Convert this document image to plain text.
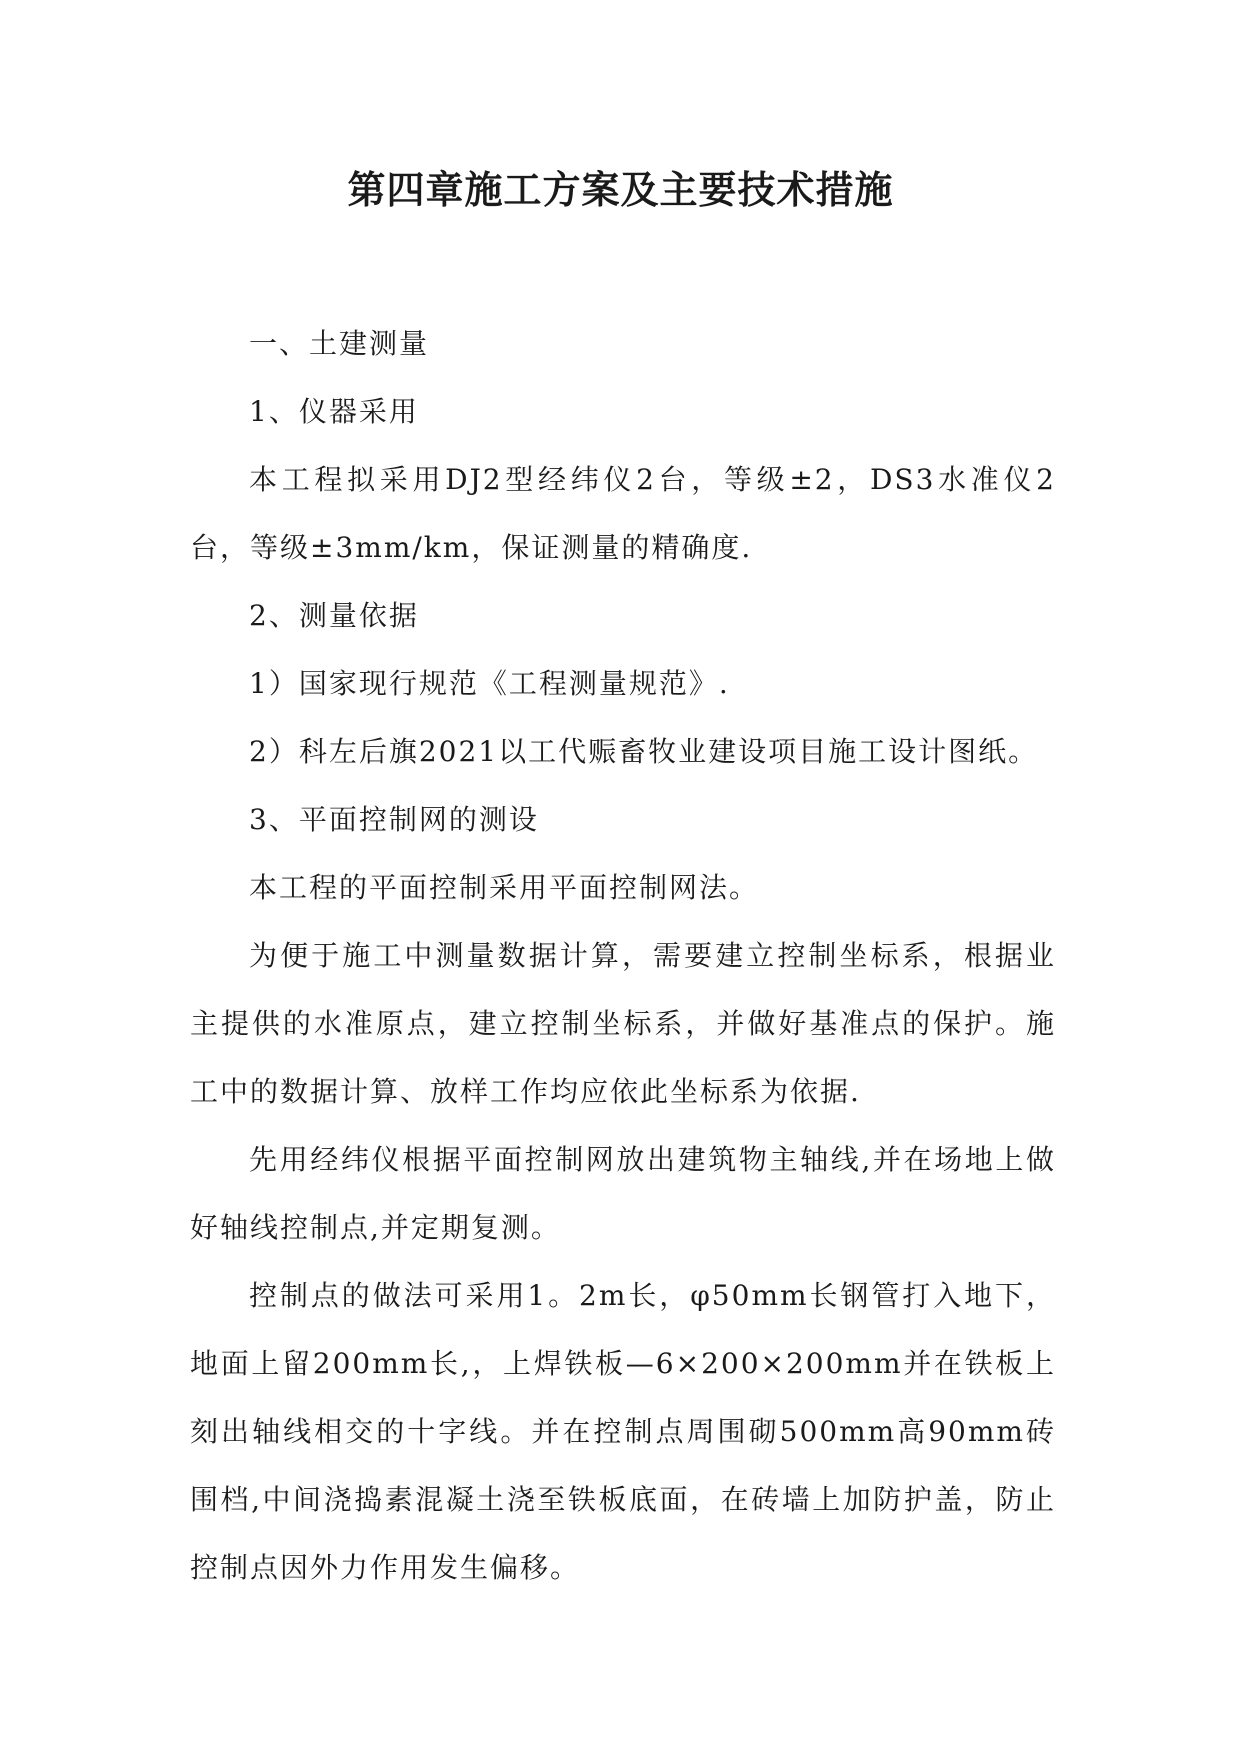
第四章施工方案及主要技术措施

一、土建测量

1、仪器采用

本工程拟采用DJ2型经纬仪2台，等级±2，DS3水准仪2台，等级±3mm/km，保证测量的精确度.

2、测量依据

1）国家现行规范《工程测量规范》.

2）科左后旗2021以工代赈畜牧业建设项目施工设计图纸。

3、平面控制网的测设

本工程的平面控制采用平面控制网法。

为便于施工中测量数据计算，需要建立控制坐标系，根据业主提供的水准原点，建立控制坐标系，并做好基准点的保护。施工中的数据计算、放样工作均应依此坐标系为依据.

先用经纬仪根据平面控制网放出建筑物主轴线,并在场地上做好轴线控制点,并定期复测。

控制点的做法可采用1。2m长，φ50mm长钢管打入地下，地面上留200mm长,，上焊铁板—6×200×200mm并在铁板上刻出轴线相交的十字线。并在控制点周围砌500mm高90mm砖围档,中间浇捣素混凝土浇至铁板底面，在砖墙上加防护盖，防止控制点因外力作用发生偏移。
